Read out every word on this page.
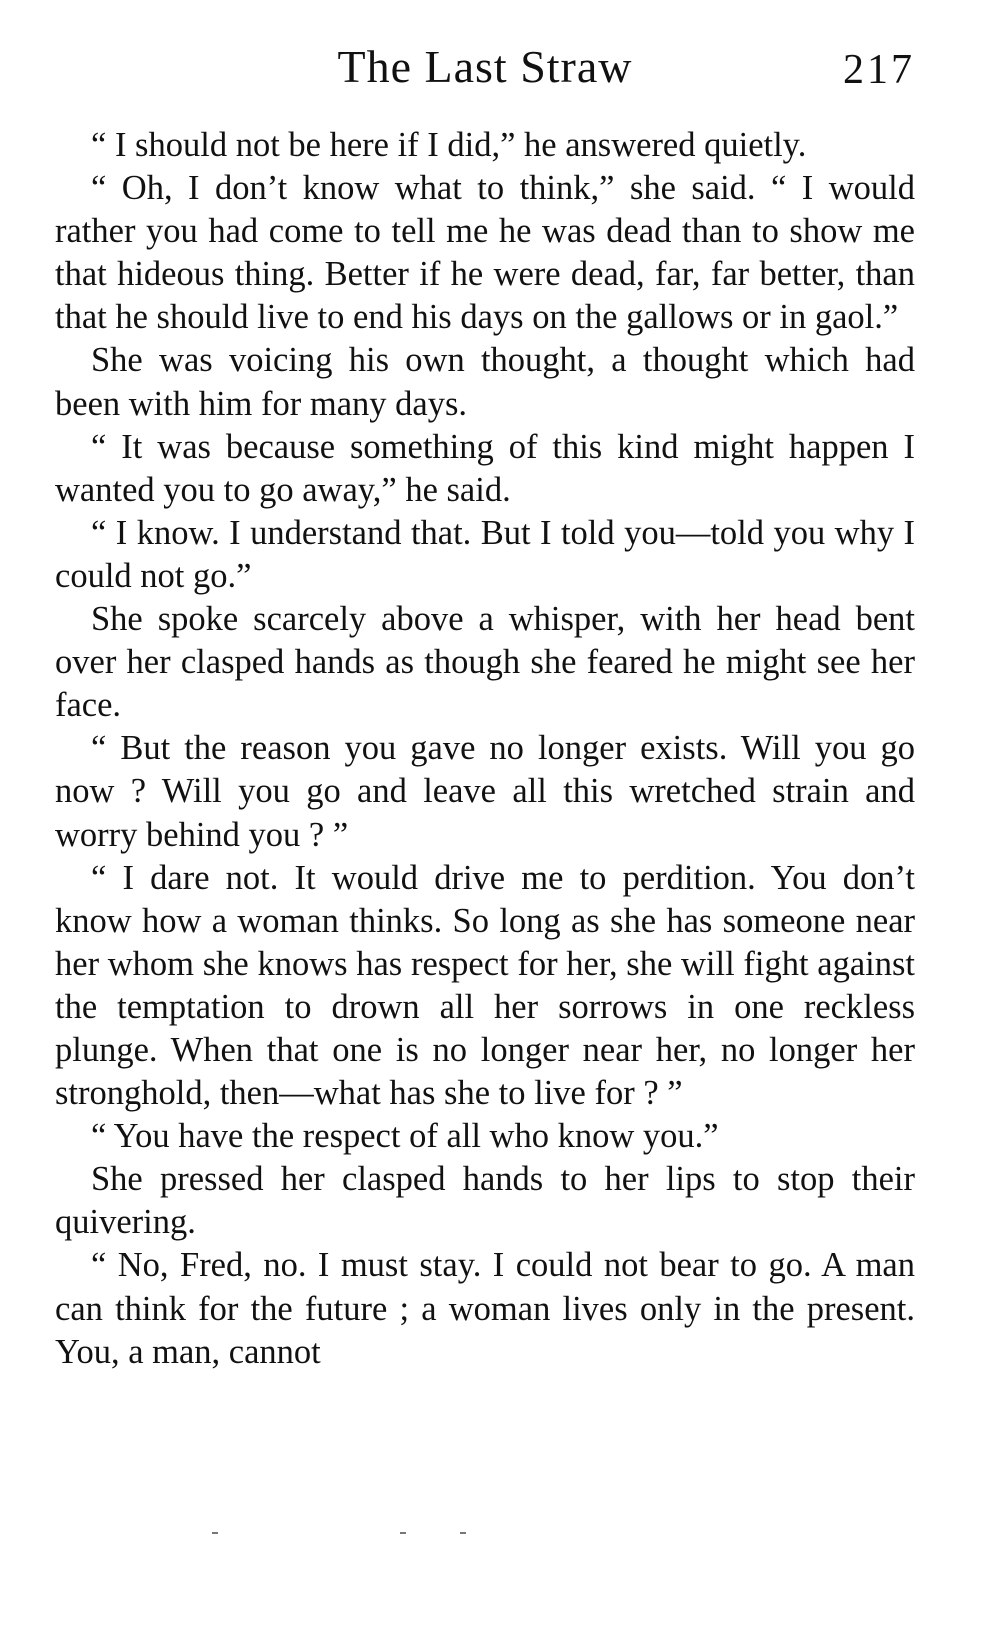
The Last Straw	217

“ I should not be here if I did,” he answered quietly.

“ Oh, I don’t know what to think,” she said. “ I would rather you had come to tell me he was dead than to show me that hideous thing. Better if he were dead, far, far better, than that he should live to end his days on the gallows or in gaol.”

She was voicing his own thought, a thought which had been with him for many days.

“ It was because something of this kind might happen I wanted you to go away,” he said.

“ I know. I understand that. But I told you—told you why I could not go.”

She spoke scarcely above a whisper, with her head bent over her clasped hands as though she feared he might see her face.

“ But the reason you gave no longer exists. Will you go now ? Will you go and leave all this wretched strain and worry behind you ? ”

“ I dare not. It would drive me to perdition. You don’t know how a woman thinks. So long as she has someone near her whom she knows has respect for her, she will fight against the temptation to drown all her sorrows in one reckless plunge. When that one is no longer near her, no longer her stronghold, then—what has she to live for ? ”

“ You have the respect of all who know you.”

She pressed her clasped hands to her lips to stop their quivering.

“ No, Fred, no. I must stay. I could not bear to go. A man can think for the future ; a woman lives only in the present. You, a man, cannot
